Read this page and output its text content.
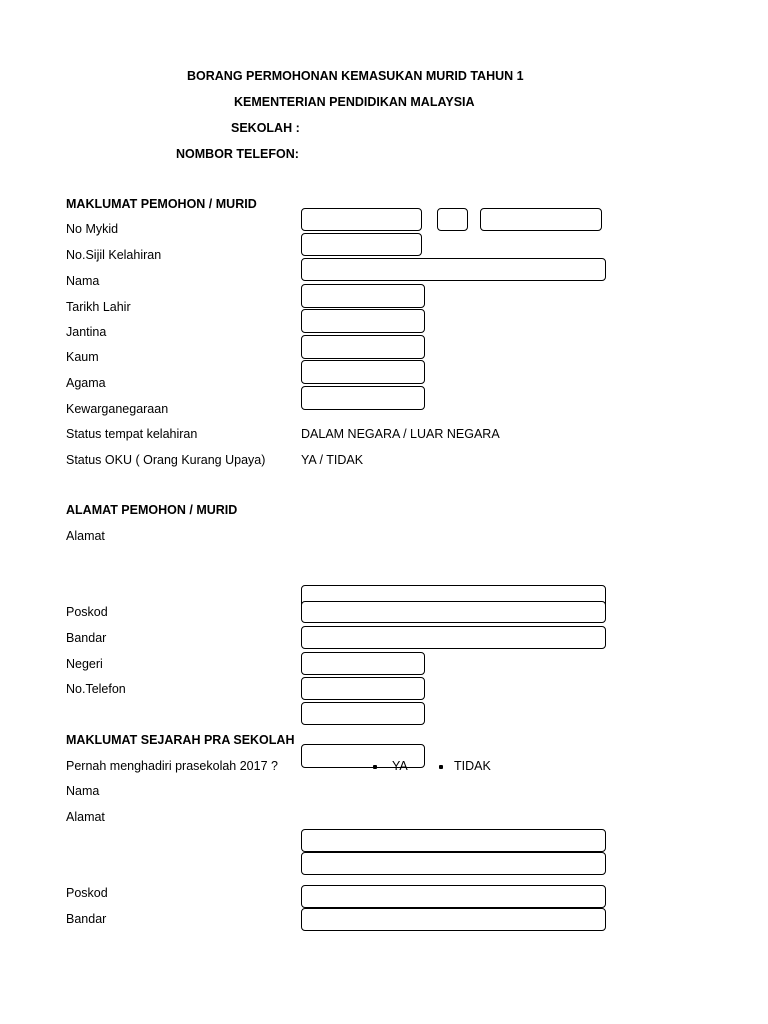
BORANG PERMOHONAN KEMASUKAN MURID TAHUN 1
KEMENTERIAN PENDIDIKAN MALAYSIA
SEKOLAH :
NOMBOR TELEFON:
MAKLUMAT PEMOHON / MURID
No Mykid
No.Sijil Kelahiran
Nama
Tarikh Lahir
Jantina
Kaum
Agama
Kewarganegaraan
Status tempat kelahiran	DALAM NEGARA / LUAR NEGARA
Status OKU ( Orang Kurang Upaya)	YA / TIDAK
ALAMAT PEMOHON / MURID
Alamat
Poskod
Bandar
Negeri
No.Telefon
MAKLUMAT SEJARAH PRA SEKOLAH
Pernah menghadiri prasekolah 2017 ?	YA	TIDAK
Nama
Alamat
Poskod
Bandar
